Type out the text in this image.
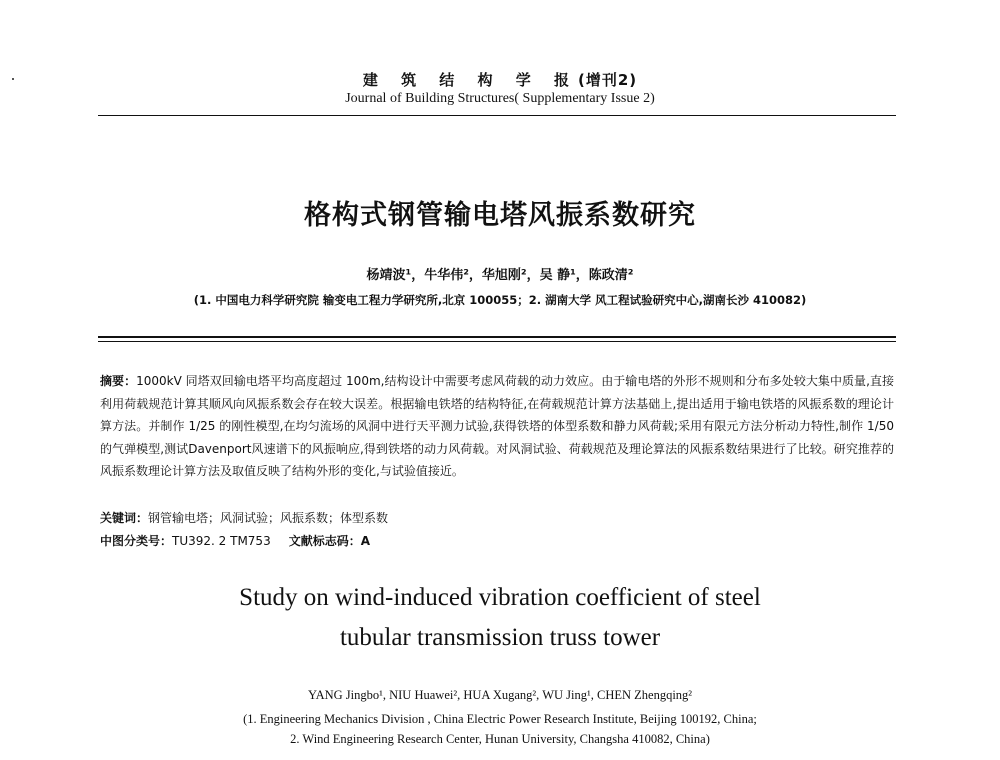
建 筑 结 构 学 报(增刊2)
Journal of Building Structures( Supplementary Issue 2)
格构式钢管输电塔风振系数研究
杨靖波¹，牛华伟²，华旭刚²，吴 静¹，陈政清²
(1. 中国电力科学研究院 输变电工程力学研究所,北京 100055；2. 湖南大学 风工程试验研究中心,湖南长沙 410082)
摘要：1000kV 同塔双回输电塔平均高度超过 100m,结构设计中需要考虑风荷载的动力效应。由于输电塔的外形不规则和分布多处较大集中质量,直接利用荷载规范计算其顺风向风振系数会存在较大误差。根据输电铁塔的结构特征,在荷载规范计算方法基础上,提出适用于输电铁塔的风振系数的理论计算方法。并制作 1/25 的刚性模型,在均匀流场的风洞中进行天平测力试验,获得铁塔的体型系数和静力风荷载;采用有限元方法分析动力特性,制作 1/50 的气弹模型,测试Davenport风速谱下的风振响应,得到铁塔的动力风荷载。对风洞试验、荷载规范及理论算法的风振系数结果进行了比较。研究推荐的风振系数理论计算方法及取值反映了结构外形的变化,与试验值接近。
关键词：钢管输电塔；风洞试验；风振系数；体型系数
中图分类号：TU392. 2 TM753 文献标志码：A
Study on wind-induced vibration coefficient of steel
tubular transmission truss tower
YANG Jingbo¹, NIU Huawei², HUA Xugang², WU Jing¹, CHEN Zhengqing²
(1. Engineering Mechanics Division , China Electric Power Research Institute, Beijing 100192, China;
2. Wind Engineering Research Center, Hunan University, Changsha 410082, China)
